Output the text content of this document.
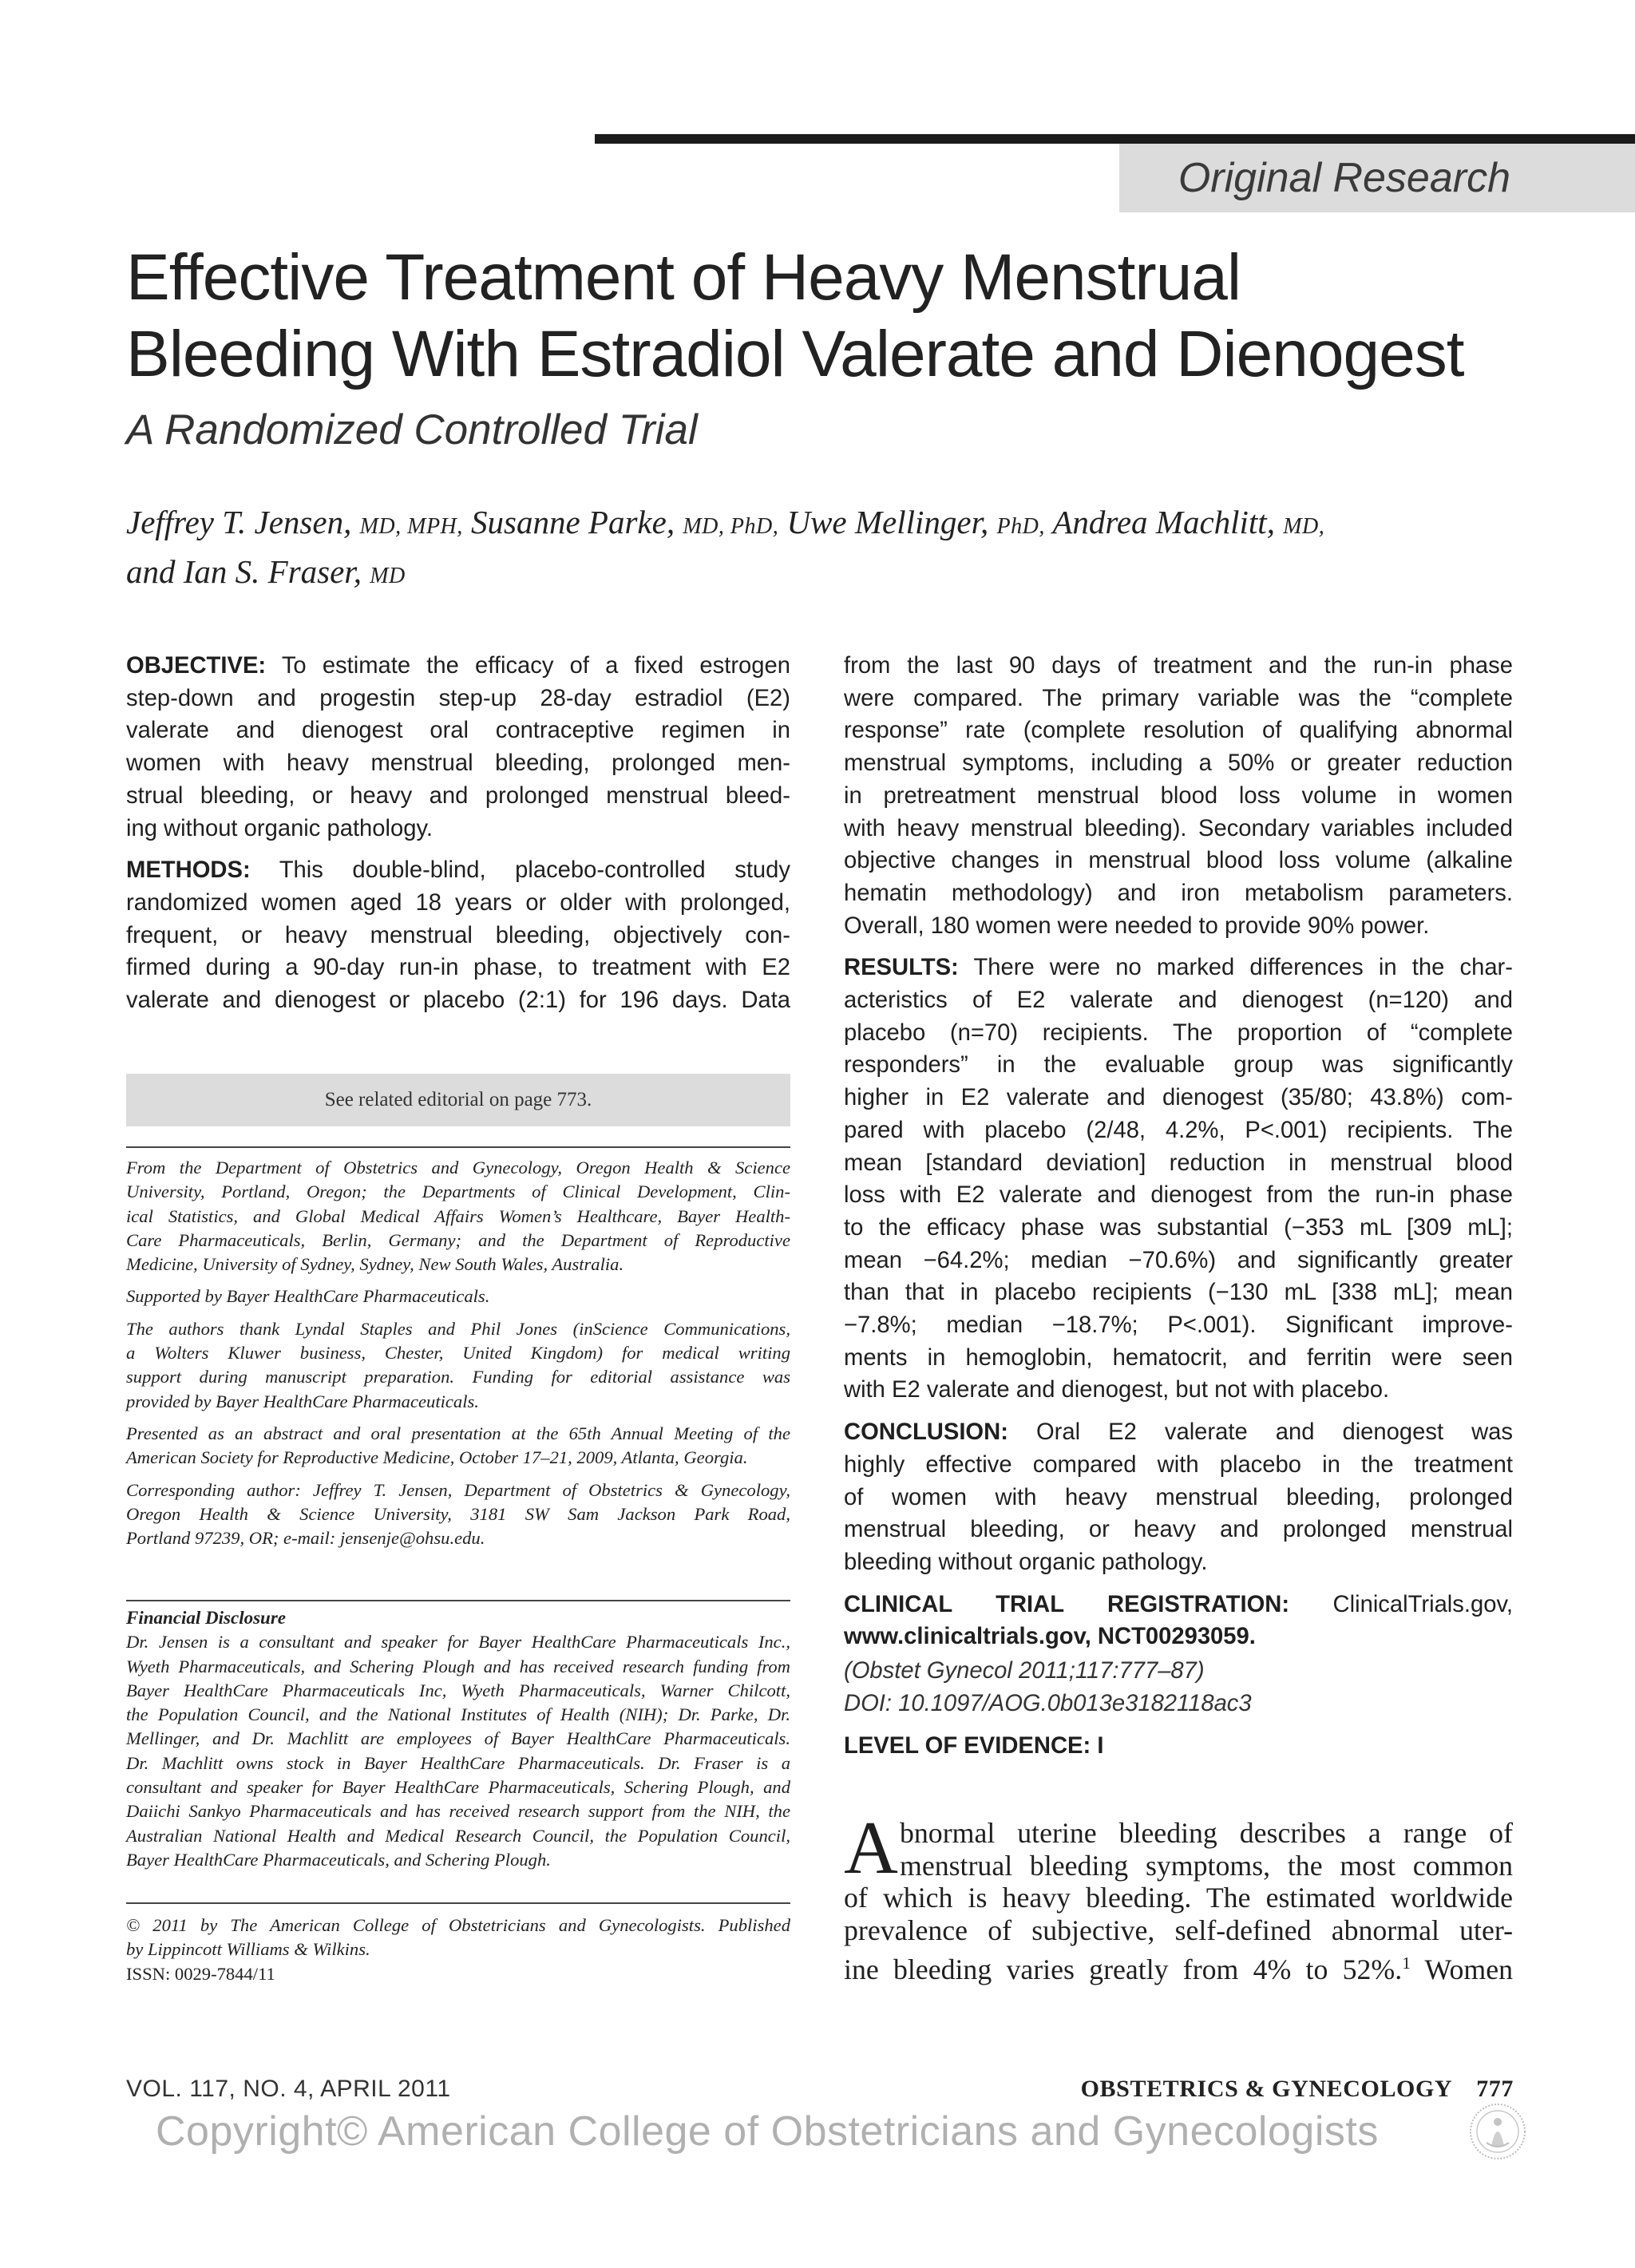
Original Research
Effective Treatment of Heavy Menstrual
Bleeding With Estradiol Valerate and Dienogest
A Randomized Controlled Trial
Jeffrey T. Jensen, MD, MPH, Susanne Parke, MD, PhD, Uwe Mellinger, PhD, Andrea Machlitt, MD,
and Ian S. Fraser, MD

OBJECTIVE: To estimate the efficacy of a fixed estrogen
step-down and progestin step-up 28-day estradiol (E2)
valerate and dienogest oral contraceptive regimen in
women with heavy menstrual bleeding, prolonged men-
strual bleeding, or heavy and prolonged menstrual bleed-
ing without organic pathology.

METHODS: This double-blind, placebo-controlled study
randomized women aged 18 years or older with prolonged,
frequent, or heavy menstrual bleeding, objectively con-
firmed during a 90-day run-in phase, to treatment with E2
valerate and dienogest or placebo (2:1) for 196 days. Data

See related editorial on page 773.

From the Department of Obstetrics and Gynecology, Oregon Health & Science
University, Portland, Oregon; the Departments of Clinical Development, Clin-
ical Statistics, and Global Medical Affairs Women’s Healthcare, Bayer Health-
Care Pharmaceuticals, Berlin, Germany; and the Department of Reproductive
Medicine, University of Sydney, Sydney, New South Wales, Australia.

Supported by Bayer HealthCare Pharmaceuticals.

The authors thank Lyndal Staples and Phil Jones (inScience Communications,
a Wolters Kluwer business, Chester, United Kingdom) for medical writing
support during manuscript preparation. Funding for editorial assistance was
provided by Bayer HealthCare Pharmaceuticals.

Presented as an abstract and oral presentation at the 65th Annual Meeting of the
American Society for Reproductive Medicine, October 17–21, 2009, Atlanta, Georgia.

Corresponding author: Jeffrey T. Jensen, Department of Obstetrics & Gynecology,
Oregon Health & Science University, 3181 SW Sam Jackson Park Road,
Portland 97239, OR; e-mail: jensenje@ohsu.edu.

Financial Disclosure
Dr. Jensen is a consultant and speaker for Bayer HealthCare Pharmaceuticals Inc.,
Wyeth Pharmaceuticals, and Schering Plough and has received research funding from
Bayer HealthCare Pharmaceuticals Inc, Wyeth Pharmaceuticals, Warner Chilcott,
the Population Council, and the National Institutes of Health (NIH); Dr. Parke, Dr.
Mellinger, and Dr. Machlitt are employees of Bayer HealthCare Pharmaceuticals.
Dr. Machlitt owns stock in Bayer HealthCare Pharmaceuticals. Dr. Fraser is a
consultant and speaker for Bayer HealthCare Pharmaceuticals, Schering Plough, and
Daiichi Sankyo Pharmaceuticals and has received research support from the NIH, the
Australian National Health and Medical Research Council, the Population Council,
Bayer HealthCare Pharmaceuticals, and Schering Plough.
© 2011 by The American College of Obstetricians and Gynecologists. Published
by Lippincott Williams & Wilkins.
ISSN: 0029-7844/11

from the last 90 days of treatment and the run-in phase
were compared. The primary variable was the “complete
response” rate (complete resolution of qualifying abnormal
menstrual symptoms, including a 50% or greater reduction
in pretreatment menstrual blood loss volume in women
with heavy menstrual bleeding). Secondary variables included
objective changes in menstrual blood loss volume (alkaline
hematin methodology) and iron metabolism parameters.
Overall, 180 women were needed to provide 90% power.

RESULTS: There were no marked differences in the char-
acteristics of E2 valerate and dienogest (n=120) and
placebo (n=70) recipients. The proportion of “complete
responders” in the evaluable group was significantly
higher in E2 valerate and dienogest (35/80; 43.8%) com-
pared with placebo (2/48, 4.2%, P<.001) recipients. The
mean [standard deviation] reduction in menstrual blood
loss with E2 valerate and dienogest from the run-in phase
to the efficacy phase was substantial (−353 mL [309 mL];
mean −64.2%; median −70.6%) and significantly greater
than that in placebo recipients (−130 mL [338 mL]; mean
−7.8%; median −18.7%; P<.001). Significant improve-
ments in hemoglobin, hematocrit, and ferritin were seen
with E2 valerate and dienogest, but not with placebo.

CONCLUSION: Oral E2 valerate and dienogest was
highly effective compared with placebo in the treatment
of women with heavy menstrual bleeding, prolonged
menstrual bleeding, or heavy and prolonged menstrual
bleeding without organic pathology.

CLINICAL TRIAL REGISTRATION: ClinicalTrials.gov,
www.clinicaltrials.gov, NCT00293059.

(Obstet Gynecol 2011;117:777–87)
DOI: 10.1097/AOG.0b013e3182118ac3

LEVEL OF EVIDENCE: I

A bnormal uterine bleeding describes a range of
menstrual bleeding symptoms, the most common
of which is heavy bleeding. The estimated worldwide
prevalence of subjective, self-defined abnormal uter-
ine bleeding varies greatly from 4% to 52%.$^1$ Women
VOL. 117, NO. 4, APRIL 2011	OBSTETRICS & GYNECOLOGY 777
Copyright© American College of Obstetricians and Gynecologists
